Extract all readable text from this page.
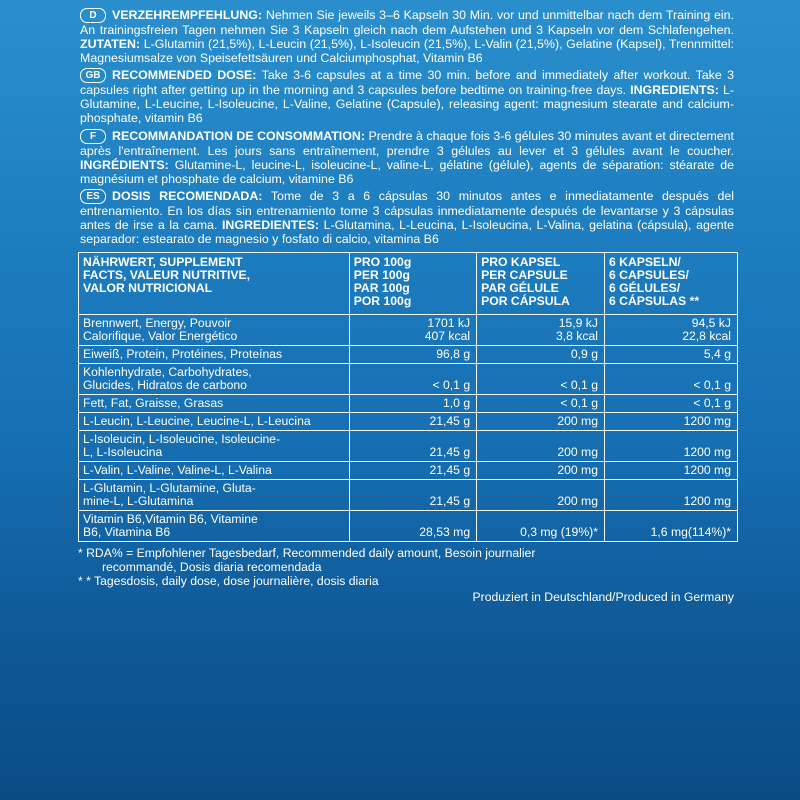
D VERZEHREMPFEHLUNG: Nehmen Sie jeweils 3–6 Kapseln 30 Min. vor und unmittelbar nach dem Training ein. An trainingsfreien Tagen nehmen Sie 3 Kapseln gleich nach dem Aufstehen und 3 Kapseln vor dem Schlafengehen. ZUTATEN: L-Glutamin (21,5%), L-Leucin (21,5%), L-Isoleucin (21,5%), L-Valin (21,5%), Gelatine (Kapsel), Trennmittel: Magnesiumsalze von Speisefettsäuren und Calciumphosphat, Vitamin B6

GB RECOMMENDED DOSE: Take 3-6 capsules at a time 30 min. before and immediately after workout. Take 3 capsules right after getting up in the morning and 3 capsules before bedtime on training-free days. INGREDIENTS: L-Glutamine, L-Leucine, L-Isoleucine, L-Valine, Gelatine (Capsule), releasing agent: magnesium stearate and calcium-phosphate, vitamin B6

F RECOMMANDATION DE CONSOMMATION: Prendre à chaque fois 3-6 gélules 30 minutes avant et directement après l'entraînement. Les jours sans entraînement, prendre 3 gélules au lever et 3 gélules avant le coucher. INGRÉDIENTS: Glutamine-L, leucine-L, isoleucine-L, valine-L, gélatine (gélule), agents de séparation: stéarate de magnésium et phosphate de calcium, vitamine B6

ES DOSIS RECOMENDADA: Tome de 3 a 6 cápsulas 30 minutos antes e inmediatamente después del entrenamiento. En los días sin entrenamiento tome 3 cápsulas inmediatamente después de levantarse y 3 cápsulas antes de irse a la cama. INGREDIENTES: L-Glutamina, L-Leucina, L-Isoleucina, L-Valina, gelatina (cápsula), agente separador: estearato de magnesio y fosfato di calcio, vitamina B6

NÄHRWERT, SUPPLEMENT
FACTS, VALEUR NUTRITIVE,
VALOR NUTRICIONAL	PRO 100g
PER 100g
PAR 100g
POR 100g	PRO KAPSEL
PER CAPSULE
PAR GÉLULE
POR CÁPSULA	6 KAPSELN/
6 CAPSULES/
6 GÉLULES/
6 CÁPSULAS **

Brennwert, Energy, Pouvoir
Calorifique, Valor Energético	1701 kJ
407 kcal	15,9 kJ
3,8 kcal	94,5 kJ
22,8 kcal

Eiweiß, Protein, Protéines, Proteínas	96,8 g	0,9 g	5,4 g

Kohlenhydrate, Carbohydrates,
Glucides, Hidratos de carbono	< 0,1 g	< 0,1 g	< 0,1 g

Fett, Fat, Graisse, Grasas	1,0 g	< 0,1 g	< 0,1 g

L-Leucin, L-Leucine, Leucine-L, L-Leucina	21,45 g	200 mg	1200 mg

L-Isoleucin, L-Isoleucine, Isoleucine-
L, L-Isoleucina	21,45 g	200 mg	1200 mg

L-Valin, L-Valine, Valine-L, L-Valina	21,45 g	200 mg	1200 mg

L-Glutamin, L-Glutamine, Gluta-
mine-L, L-Glutamina	21,45 g	200 mg	1200 mg

Vitamin B6,Vitamin B6, Vitamine
B6, Vitamina B6	28,53 mg	0,3 mg (19%)*	1,6 mg(114%)*
* RDA% = Empfohlener Tagesbedarf, Recommended daily amount, Besoin journalier
recommandé, Dosis diaria recomendada
* * Tagesdosis, daily dose, dose journalière, dosis diaria
Produziert in Deutschland/Produced in Germany
